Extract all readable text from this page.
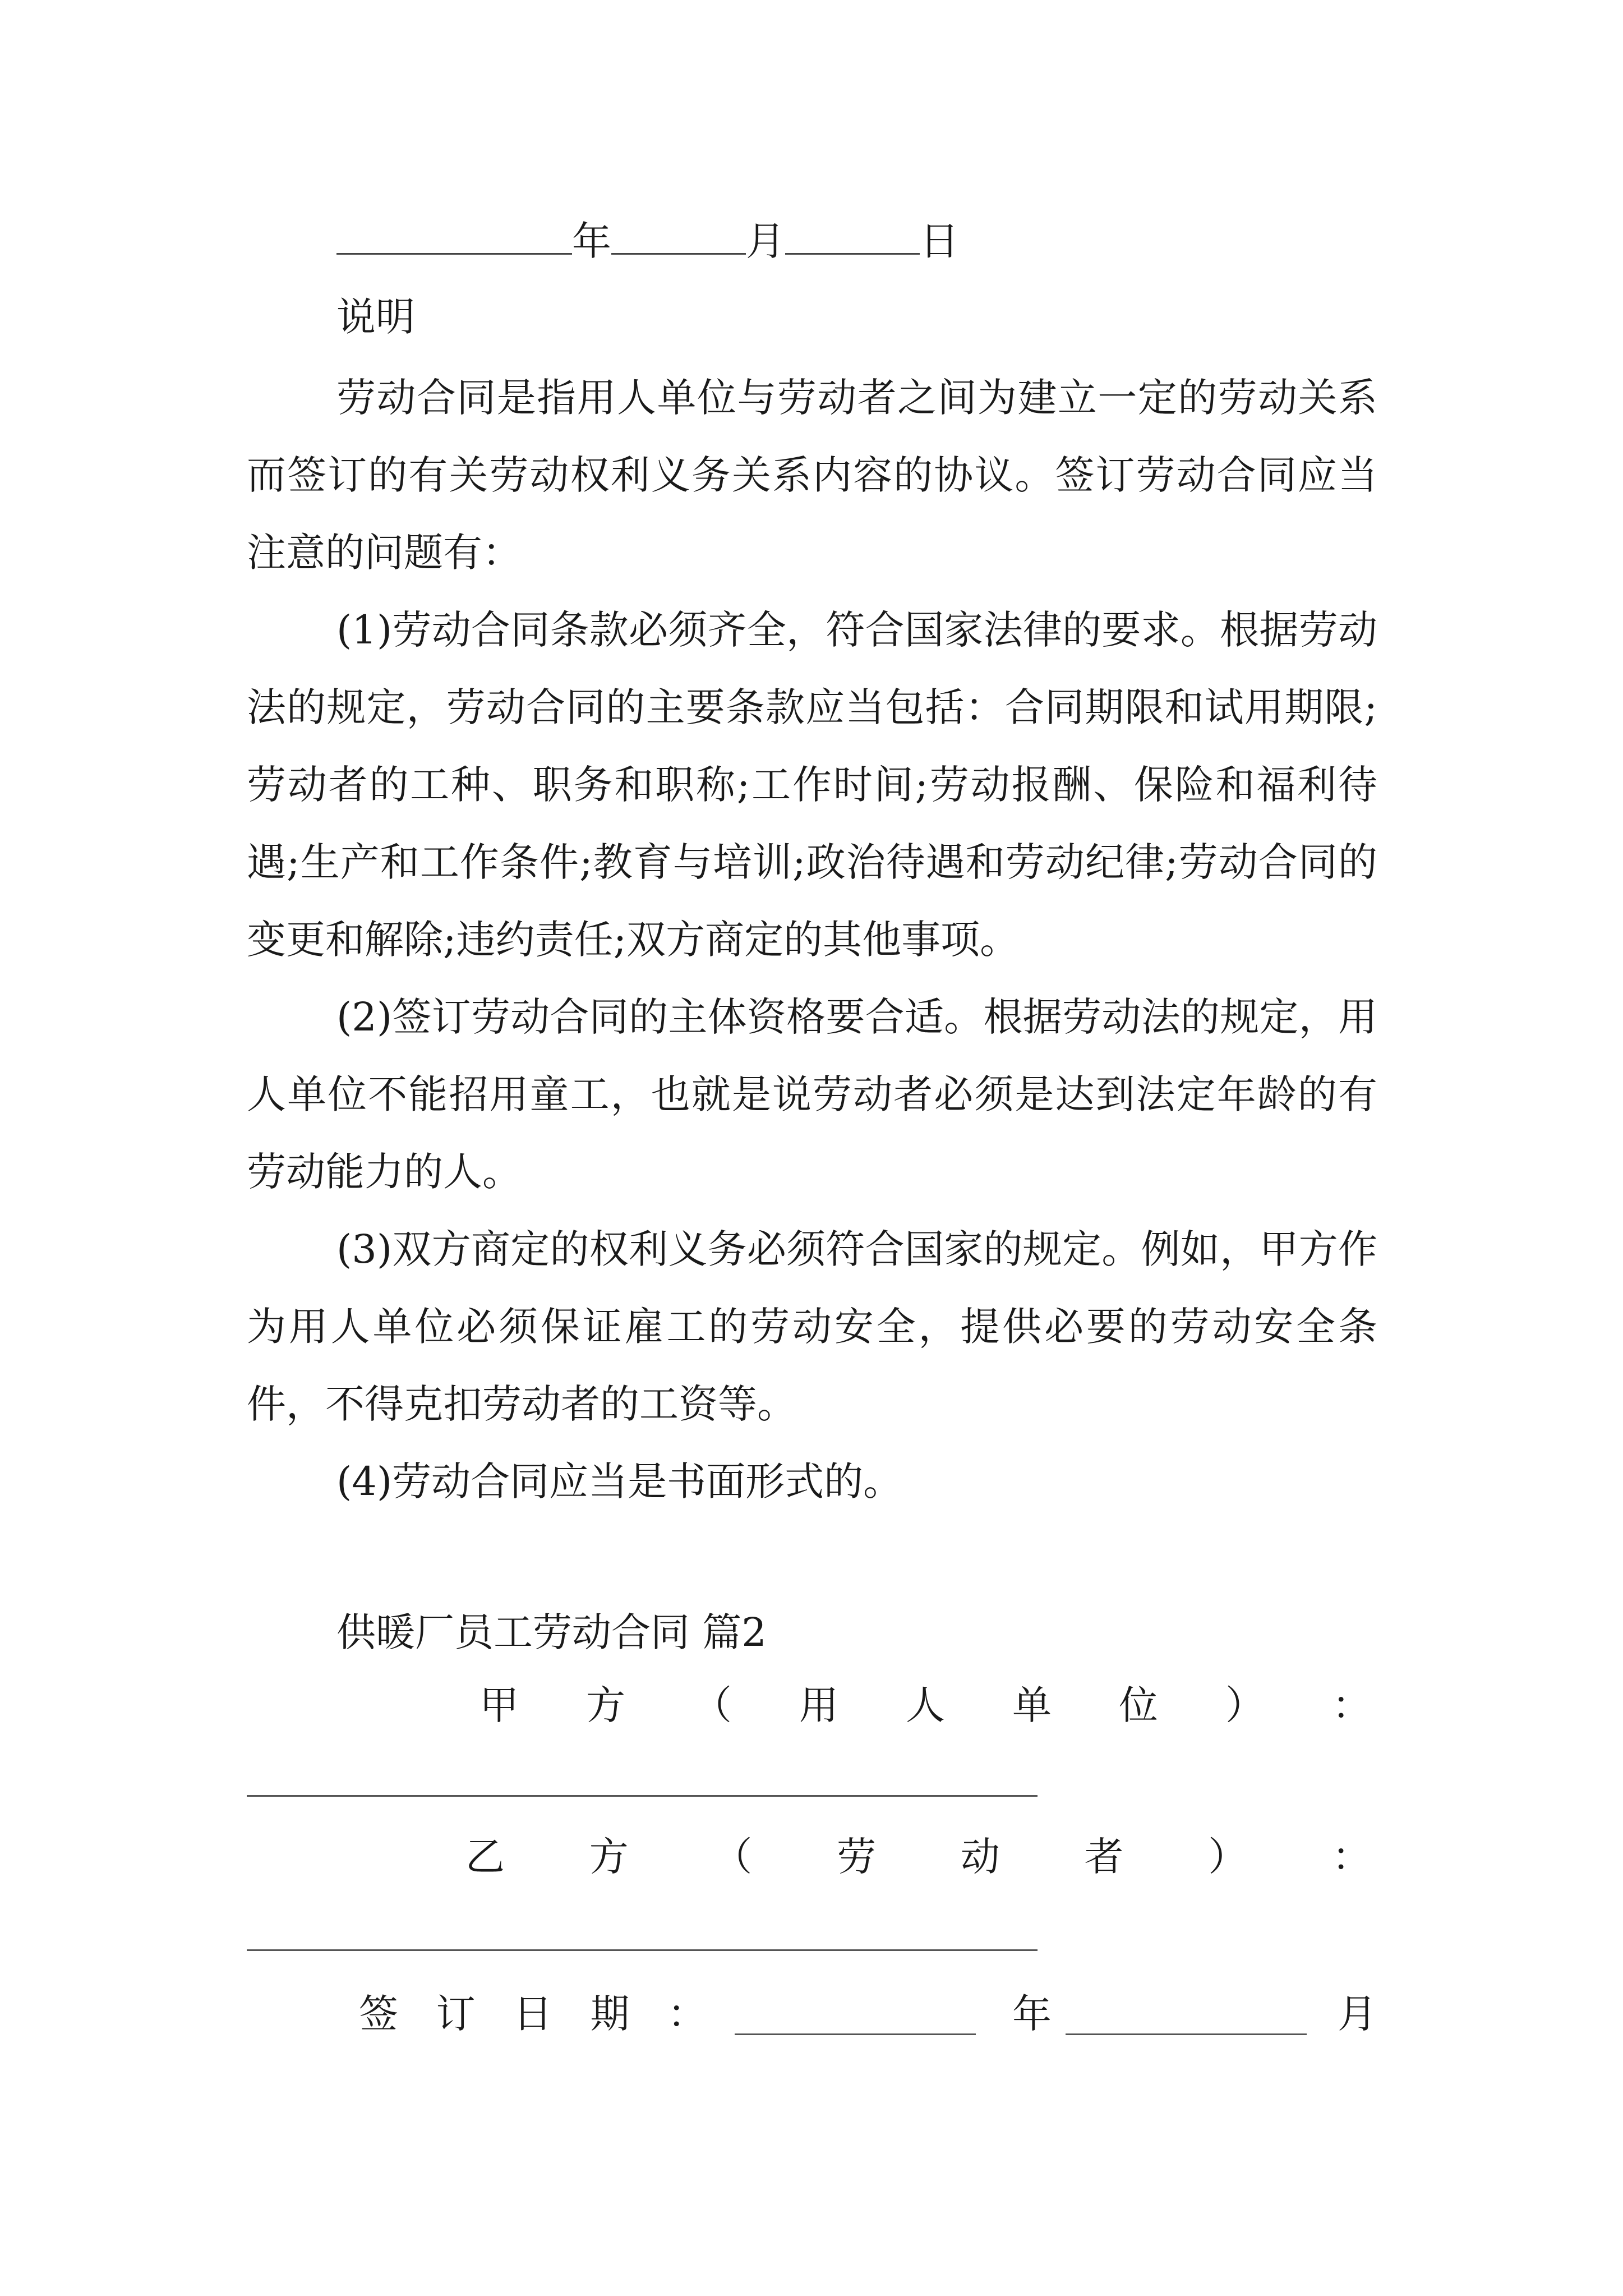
年	月	日
说明

劳动合同是指用人单位与劳动者之间为建立一定的劳动关系而签订的有关劳动权利义务关系内容的协议。签订劳动合同应当注意的问题有：

(1)劳动合同条款必须齐全，符合国家法律的要求。根据劳动法的规定，劳动合同的主要条款应当包括：合同期限和试用期限;劳动者的工种、职务和职称;工作时间;劳动报酬、保险和福利待遇;生产和工作条件;教育与培训;政治待遇和劳动纪律;劳动合同的变更和解除;违约责任;双方商定的其他事项。

(2)签订劳动合同的主体资格要合适。根据劳动法的规定，用人单位不能招用童工，也就是说劳动者必须是达到法定年龄的有劳动能力的人。

(3)双方商定的权利义务必须符合国家的规定。例如，甲方作为用人单位必须保证雇工的劳动安全，提供必要的劳动安全条件，不得克扣劳动者的工资等。

(4)劳动合同应当是书面形式的。

供暖厂员工劳动合同 篇2
甲 方 （ 用 人 单 位 ） ：
乙 方 （ 劳 动 者 ） ：
签 订 日 期 ：	年	月
